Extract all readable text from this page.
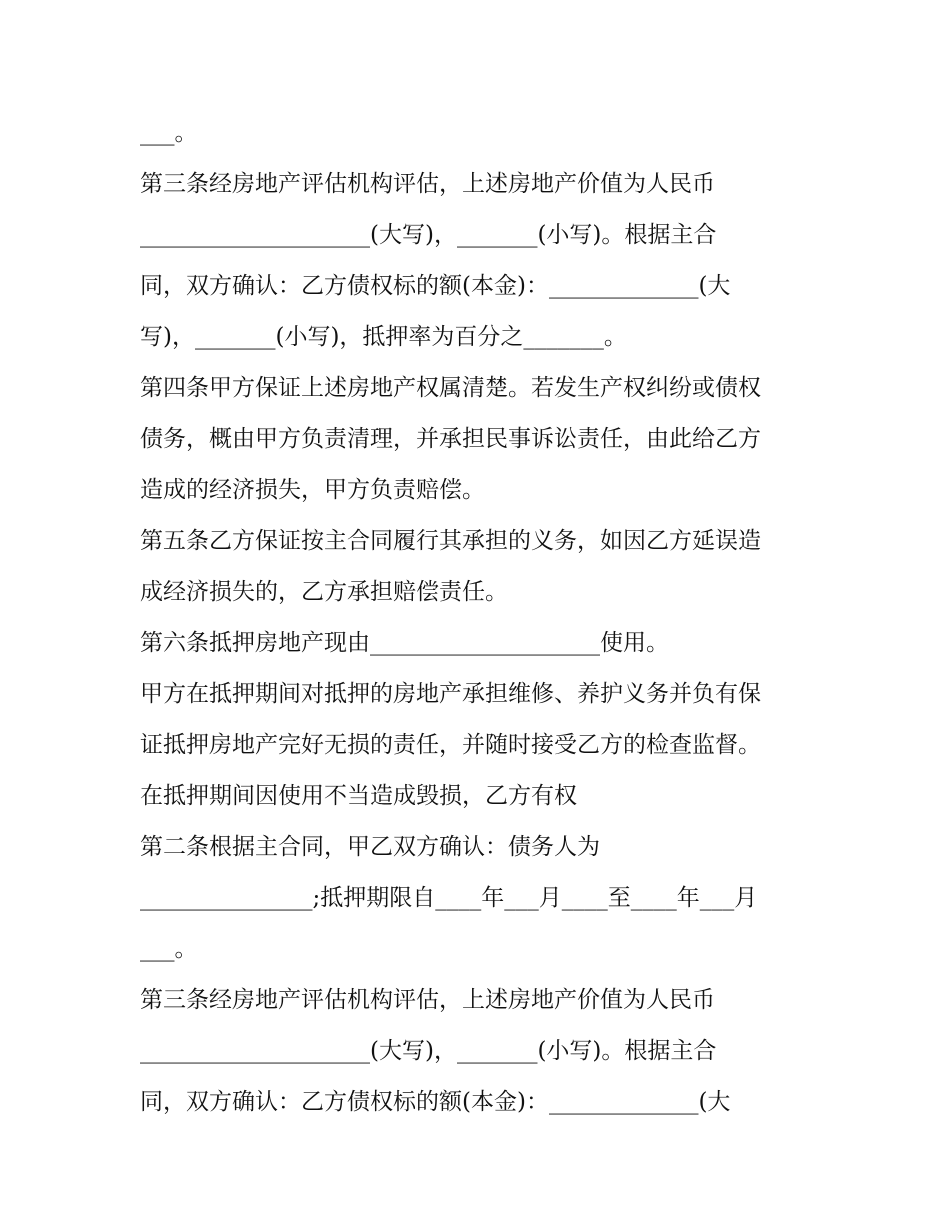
___。
第三条经房地产评估机构评估，上述房地产价值为人民币
____________________(大写)，_______(小写)。根据主合
同，双方确认：乙方债权标的额(本金)：_____________(大
写)，_______(小写)，抵押率为百分之_______。
第四条甲方保证上述房地产权属清楚。若发生产权纠纷或债权
债务，概由甲方负责清理，并承担民事诉讼责任，由此给乙方
造成的经济损失，甲方负责赔偿。
第五条乙方保证按主合同履行其承担的义务，如因乙方延误造
成经济损失的，乙方承担赔偿责任。
第六条抵押房地产现由____________________使用。
甲方在抵押期间对抵押的房地产承担维修、养护义务并负有保
证抵押房地产完好无损的责任，并随时接受乙方的检查监督。
在抵押期间因使用不当造成毁损，乙方有权
第二条根据主合同，甲乙双方确认：债务人为
_______________;抵押期限自____年___月____至____年___月
___。
第三条经房地产评估机构评估，上述房地产价值为人民币
____________________(大写)，_______(小写)。根据主合
同，双方确认：乙方债权标的额(本金)：_____________(大
